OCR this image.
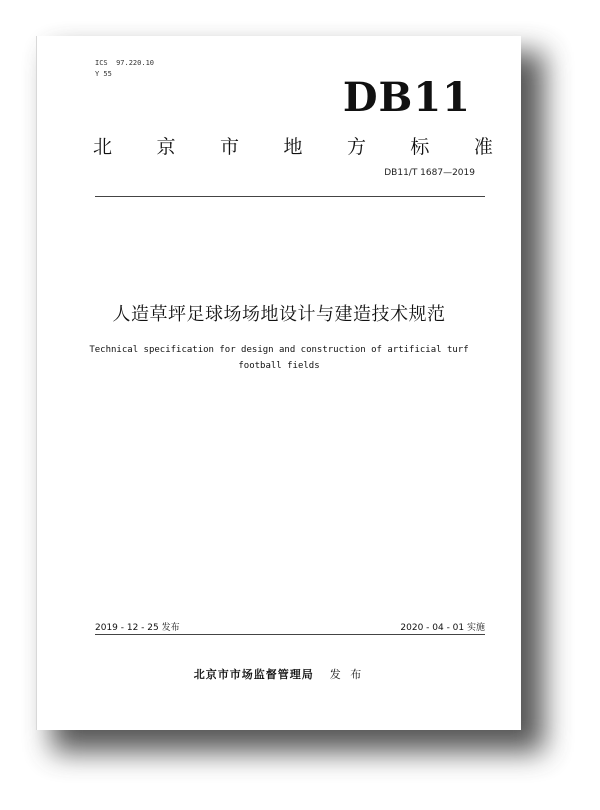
ICS  97.220.10
Y 55	DB11
北 京 市 地 方 标 准
DB11/T 1687—2019
人造草坪足球场场地设计与建造技术规范
Technical specification for design and construction of artificial turf
football fields
2019 - 12 - 25 发布	2020 - 04 - 01 实施
北京市市场监督管理局 发 布
